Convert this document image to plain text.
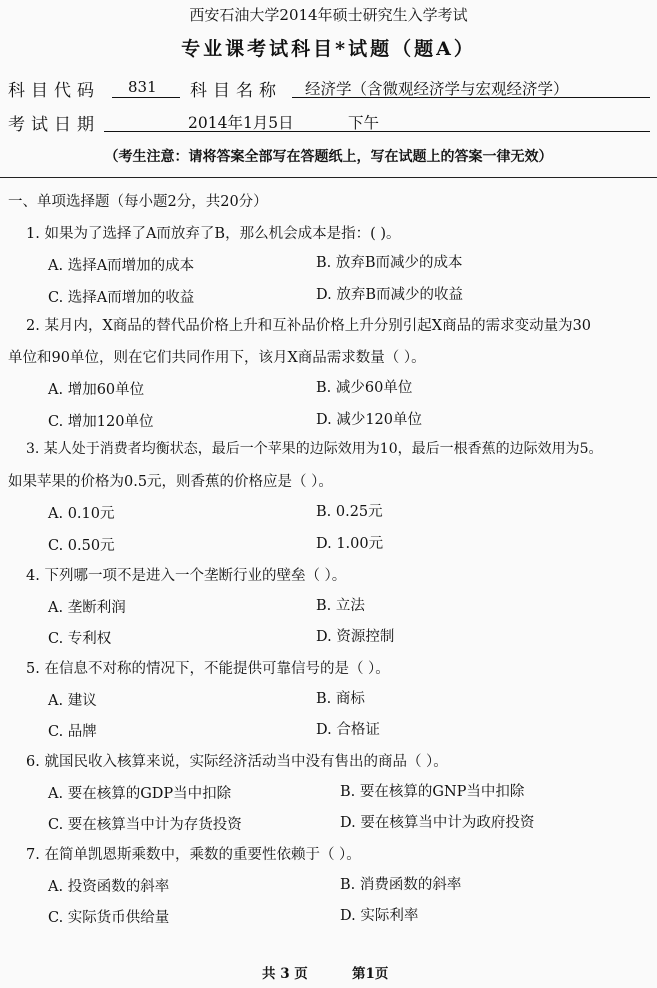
西安石油大学2014年硕士研究生入学考试
专业课考试科目*试题（题A）
科目代码 831 科目名称 经济学（含微观经济学与宏观经济学）
考试日期	2014年1月5日	下午
（考生注意：请将答案全部写在答题纸上，写在试题上的答案一律无效）
一、单项选择题（每小题2分，共20分）
1. 如果为了选择了A而放弃了B，那么机会成本是指：( )。
A. 选择A而增加的成本	B. 放弃B而减少的成本
C. 选择A而增加的收益	D. 放弃B而减少的收益
2. 某月内，X商品的替代品价格上升和互补品价格上升分别引起X商品的需求变动量为30
单位和90单位，则在它们共同作用下，该月X商品需求数量（ ）。
A. 增加60单位	B. 减少60单位
C. 增加120单位	D. 减少120单位
3. 某人处于消费者均衡状态，最后一个苹果的边际效用为10，最后一根香蕉的边际效用为5。
如果苹果的价格为0.5元，则香蕉的价格应是（ ）。
A. 0.10元	B. 0.25元
C. 0.50元	D. 1.00元
4. 下列哪一项不是进入一个垄断行业的壁垒（ ）。
A. 垄断利润	B. 立法
C. 专利权	D. 资源控制
5. 在信息不对称的情况下，不能提供可靠信号的是（ ）。
A. 建议	B. 商标
C. 品牌	D. 合格证
6. 就国民收入核算来说，实际经济活动当中没有售出的商品（ ）。
A. 要在核算的GDP当中扣除	B. 要在核算的GNP当中扣除
C. 要在核算当中计为存货投资	D. 要在核算当中计为政府投资
7. 在简单凯恩斯乘数中，乘数的重要性依赖于（ ）。
A. 投资函数的斜率	B. 消费函数的斜率
C. 实际货币供给量	D. 实际利率
共 3 页	第1页
